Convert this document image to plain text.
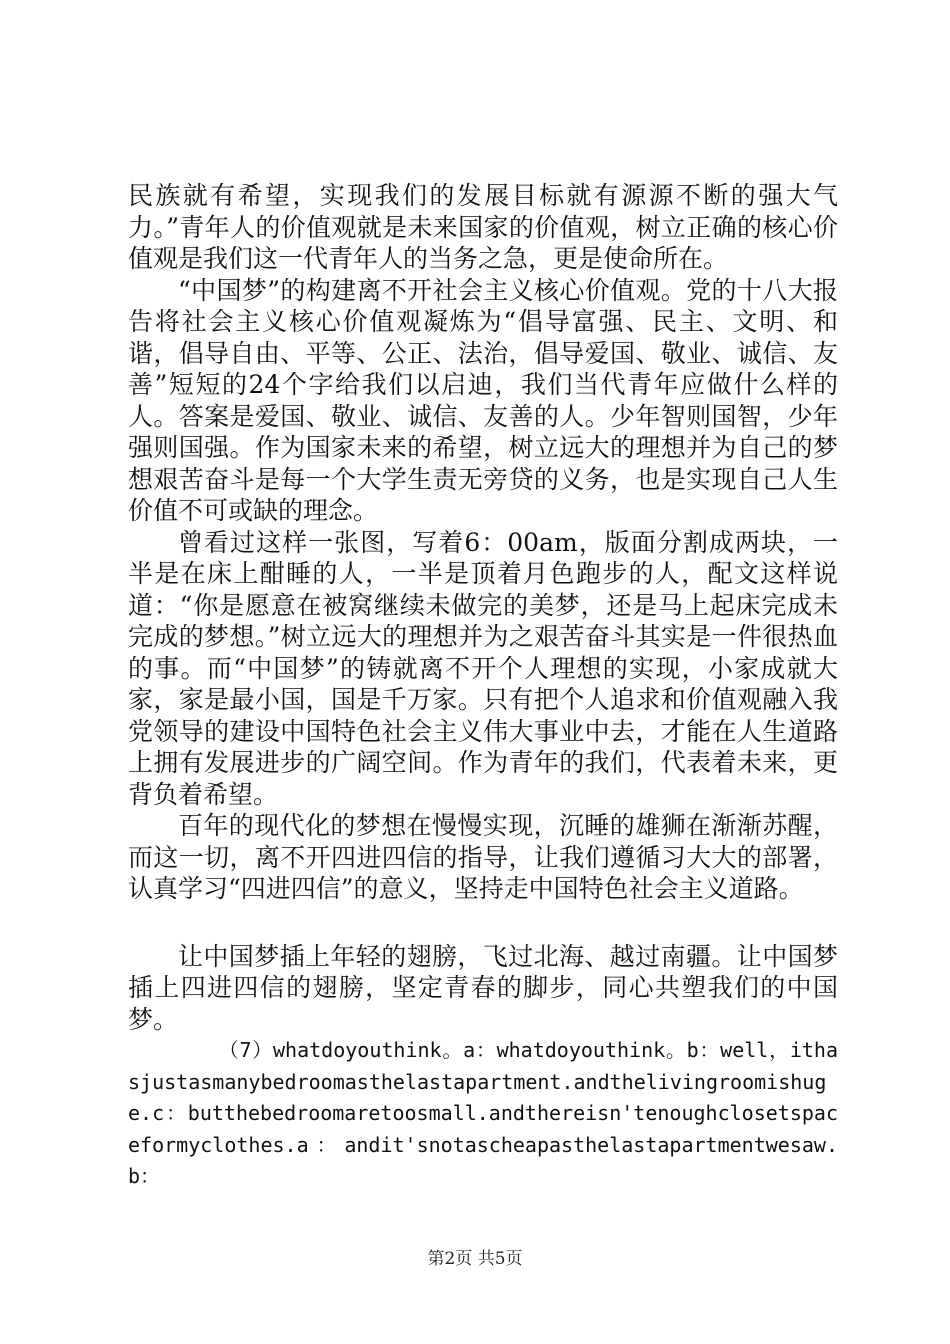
民族就有希望，实现我们的发展目标就有源源不断的强大气力。”青年人的价值观就是未来国家的价值观，树立正确的核心价值观是我们这一代青年人的当务之急，更是使命所在。

“中国梦”的构建离不开社会主义核心价值观。党的十八大报告将社会主义核心价值观凝炼为“倡导富强、民主、文明、和谐，倡导自由、平等、公正、法治，倡导爱国、敬业、诚信、友善”短短的24个字给我们以启迪，我们当代青年应做什么样的人。答案是爱国、敬业、诚信、友善的人。少年智则国智，少年强则国强。作为国家未来的希望，树立远大的理想并为自己的梦想艰苦奋斗是每一个大学生责无旁贷的义务，也是实现自己人生价值不可或缺的理念。

曾看过这样一张图，写着6：00am，版面分割成两块，一半是在床上酣睡的人，一半是顶着月色跑步的人，配文这样说道：“你是愿意在被窝继续未做完的美梦，还是马上起床完成未完成的梦想。”树立远大的理想并为之艰苦奋斗其实是一件很热血的事。而“中国梦”的铸就离不开个人理想的实现，小家成就大家，家是最小国，国是千万家。只有把个人追求和价值观融入我党领导的建设中国特色社会主义伟大事业中去，才能在人生道路上拥有发展进步的广阔空间。作为青年的我们，代表着未来，更背负着希望。

百年的现代化的梦想在慢慢实现，沉睡的雄狮在渐渐苏醒，而这一切，离不开四进四信的指导，让我们遵循习大大的部署，认真学习“四进四信”的意义，坚持走中国特色社会主义道路。

让中国梦插上年轻的翅膀，飞过北海、越过南疆。让中国梦插上四进四信的翅膀，坚定青春的脚步，同心共塑我们的中国梦。

（7）whatdoyouthink。a：whatdoyouthink。b：well，ithasjustasmanybedroomasthelastapartment.andthelivingroomishuge.c：butthebedroomaretoosmall.andthereisn'tenoughclosetspaceformyclothes.a：andit'snotascheapasthelastapartmentwesaw.b：

第2页 共5页
